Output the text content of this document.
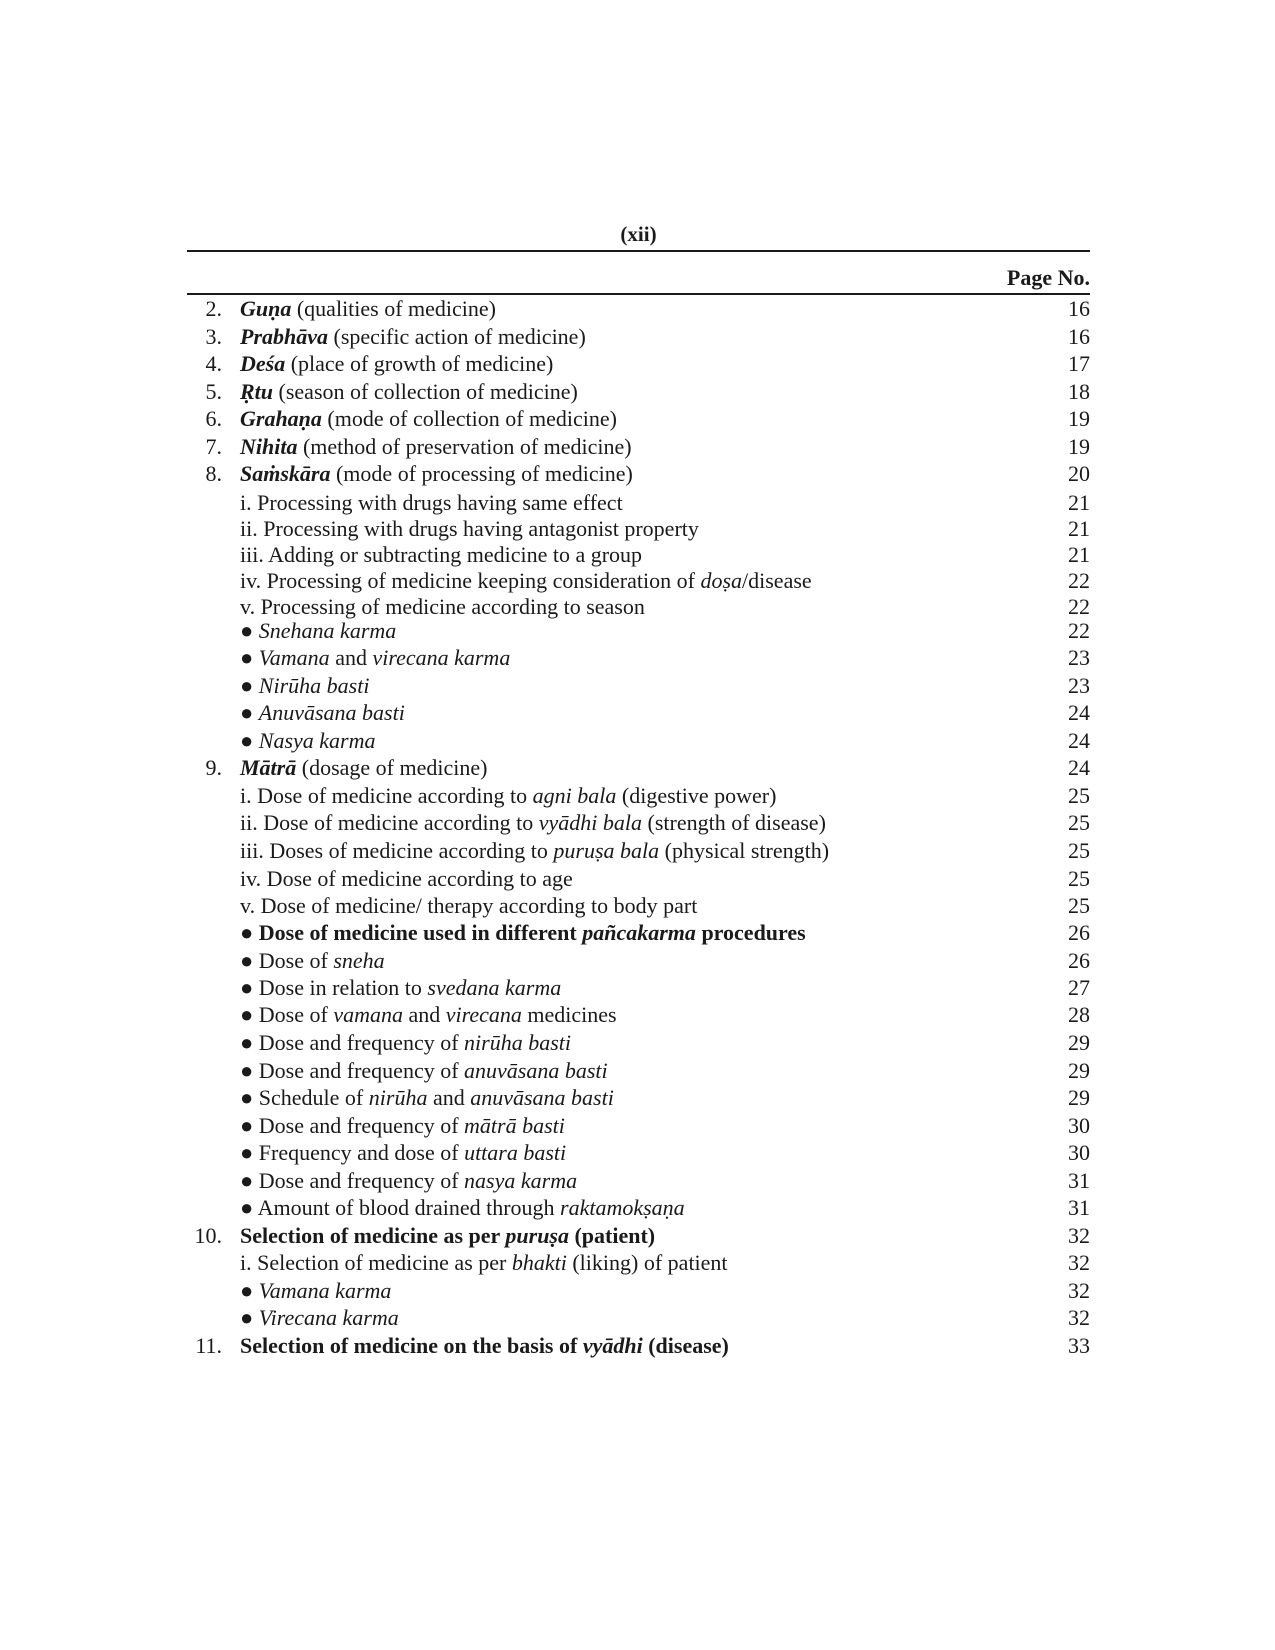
(xii)
Page No.
2. Guṇa (qualities of medicine)	16
3. Prabhāva (specific action of medicine)	16
4. Deśa (place of growth of medicine)	17
5. Ṛtu (season of collection of medicine)	18
6. Grahaṇa (mode of collection of medicine)	19
7. Nihita (method of preservation of medicine)	19
8. Saṁskāra (mode of processing of medicine)	20
i. Processing with drugs having same effect	21
ii. Processing with drugs having antagonist property	21
iii. Adding or subtracting medicine to a group	21
iv. Processing of medicine keeping consideration of doṣa/disease	22
v. Processing of medicine according to season	22
● Snehana karma	22
● Vamana and virecana karma	23
● Nirūha basti	23
● Anuvāsana basti	24
● Nasya karma	24
9. Mātrā (dosage of medicine)	24
i. Dose of medicine according to agni bala (digestive power)	25
ii. Dose of medicine according to vyādhi bala (strength of disease)	25
iii. Doses of medicine according to puruṣa bala (physical strength)	25
iv. Dose of medicine according to age	25
v. Dose of medicine/ therapy according to body part	25
● Dose of medicine used in different pañcakarma procedures	26
● Dose of sneha	26
● Dose in relation to svedana karma	27
● Dose of vamana and virecana medicines	28
● Dose and frequency of nirūha basti	29
● Dose and frequency of anuvāsana basti	29
● Schedule of nirūha and anuvāsana basti	29
● Dose and frequency of mātrā basti	30
● Frequency and dose of uttara basti	30
● Dose and frequency of nasya karma	31
● Amount of blood drained through raktamokṣaṇa	31
10. Selection of medicine as per puruṣa (patient)	32
i. Selection of medicine as per bhakti (liking) of patient	32
● Vamana karma	32
● Virecana karma	32
11. Selection of medicine on the basis of vyādhi (disease)	33
